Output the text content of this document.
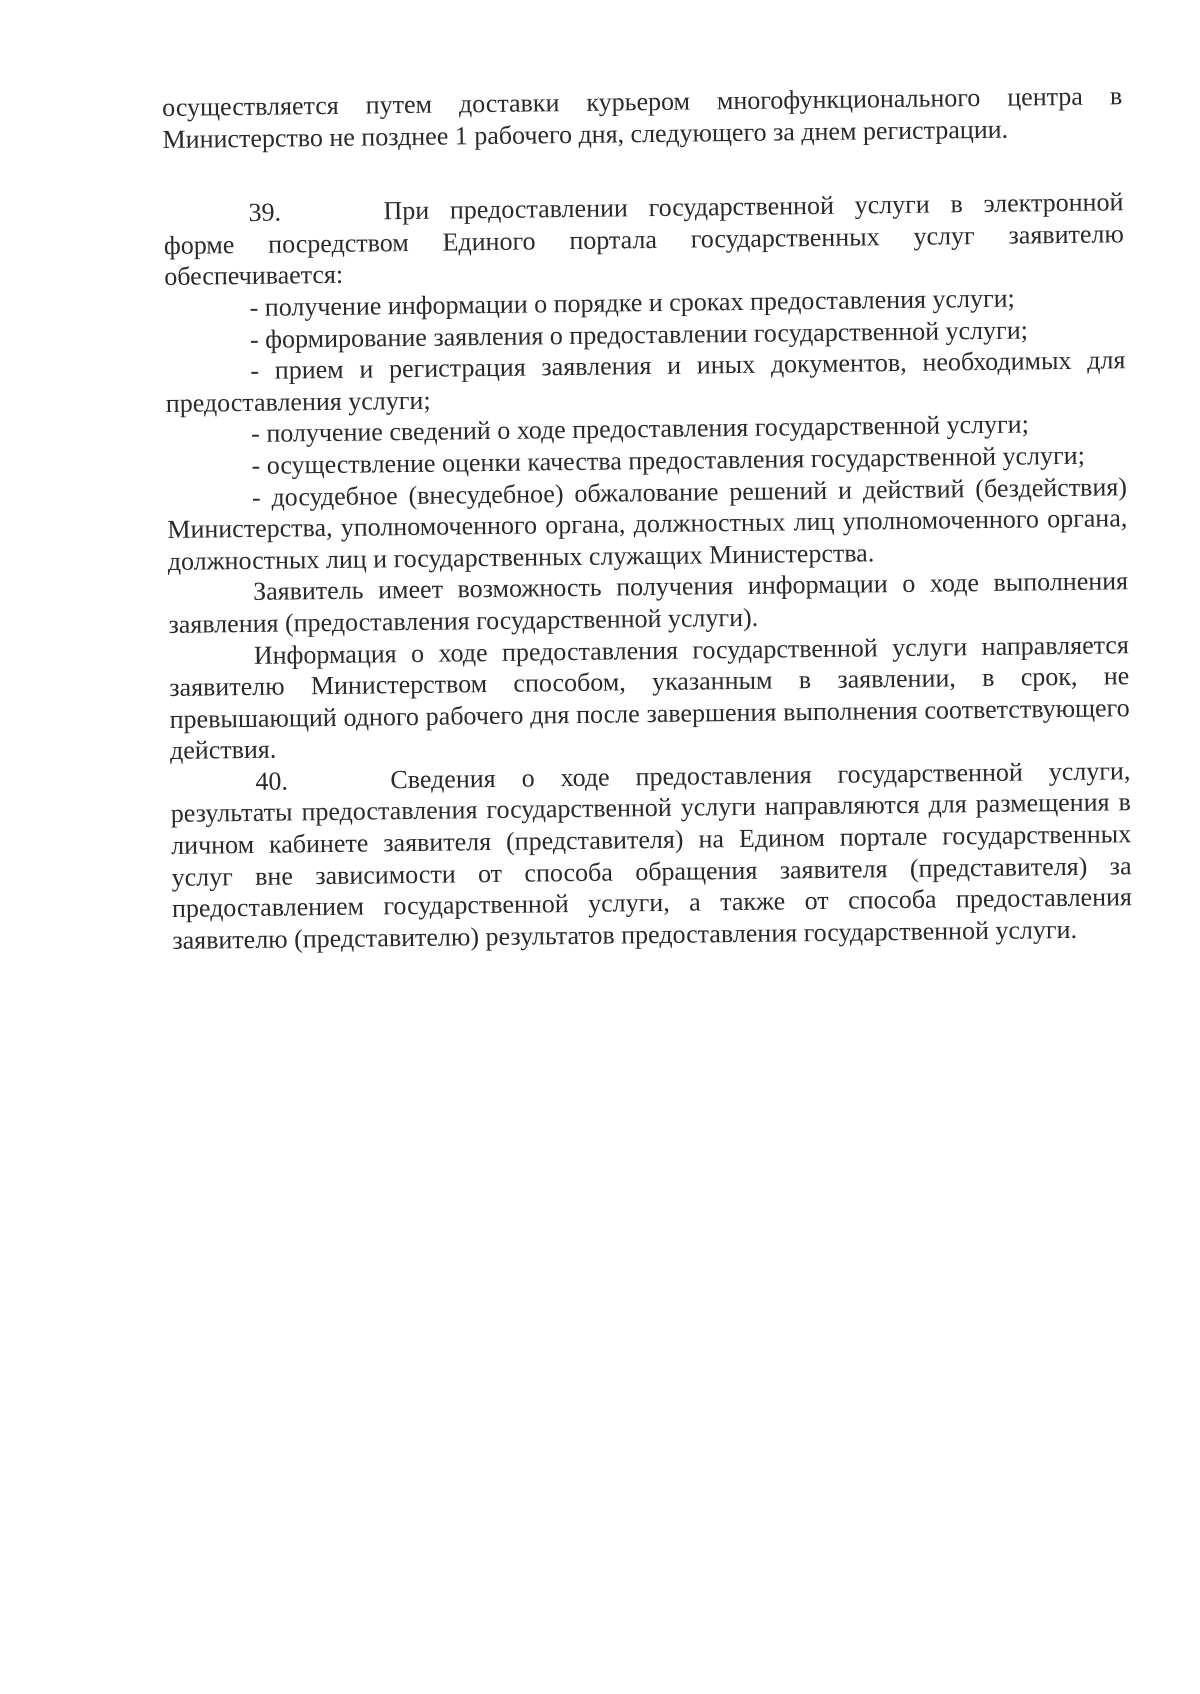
осуществляется путем доставки курьером многофункционального центра в Министерство не позднее 1 рабочего дня, следующего за днем регистрации.

39.	При предоставлении государственной услуги в электронной форме посредством Единого портала государственных услуг заявителю обеспечивается:

- получение информации о порядке и сроках предоставления услуги;

- формирование заявления о предоставлении государственной услуги;

- прием и регистрация заявления и иных документов, необходимых для предоставления услуги;

- получение сведений о ходе предоставления государственной услуги;

- осуществление оценки качества предоставления государственной услуги;

- досудебное (внесудебное) обжалование решений и действий (бездействия) Министерства, уполномоченного органа, должностных лиц уполномоченного органа, должностных лиц и государственных служащих Министерства.

Заявитель имеет возможность получения информации о ходе выполнения заявления (предоставления государственной услуги).

Информация о ходе предоставления государственной услуги направляется заявителю Министерством способом, указанным в заявлении, в срок, не превышающий одного рабочего дня после завершения выполнения соответствующего действия.

40.	Сведения о ходе предоставления государственной услуги, результаты предоставления государственной услуги направляются для размещения в личном кабинете заявителя (представителя) на Едином портале государственных услуг вне зависимости от способа обращения заявителя (представителя) за предоставлением государственной услуги, а также от способа предоставления заявителю (представителю) результатов предоставления государственной услуги.
